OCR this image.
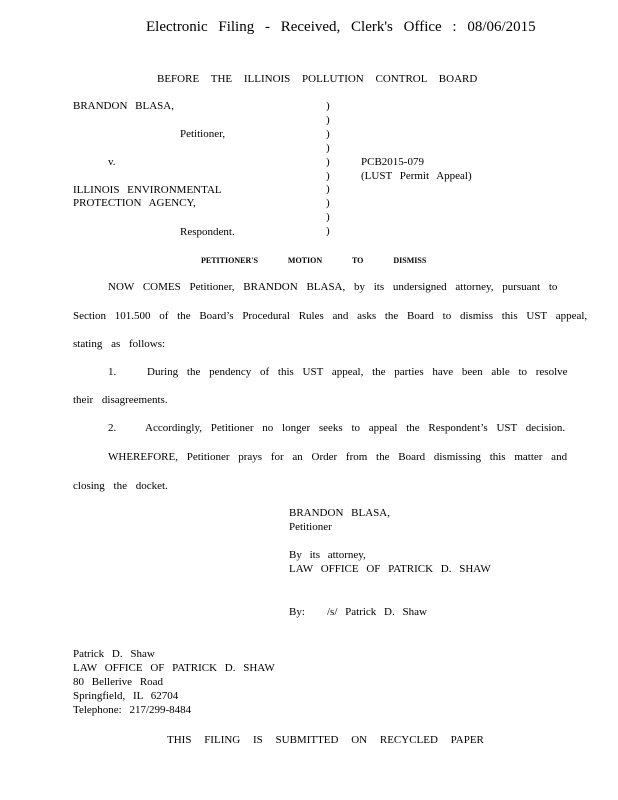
Electronic Filing - Received, Clerk's Office : 08/06/2015
BEFORE THE ILLINOIS POLLUTION CONTROL BOARD
BRANDON BLASA,
Petitioner,
v.
ILLINOIS ENVIRONMENTAL
PROTECTION AGENCY,
Respondent.
)
)
)
)
)
)
)
)
)
)
PCB2015-079
(LUST Permit Appeal)
PETITIONER'S MOTION TO DISMISS
NOW COMES Petitioner, BRANDON BLASA, by its undersigned attorney, pursuant to
Section 101.500 of the Board’s Procedural Rules and asks the Board to dismiss this UST appeal,
stating as follows:
1.	During the pendency of this UST appeal, the parties have been able to resolve
their disagreements.
2.	Accordingly, Petitioner no longer seeks to appeal the Respondent’s UST decision.
WHEREFORE, Petitioner prays for an Order from the Board dismissing this matter and
closing the docket.
BRANDON BLASA,
Petitioner
By its attorney,
LAW OFFICE OF PATRICK D. SHAW
By: /s/ Patrick D. Shaw
Patrick D. Shaw
LAW OFFICE OF PATRICK D. SHAW
80 Bellerive Road
Springfield, IL 62704
Telephone: 217/299-8484
THIS FILING IS SUBMITTED ON RECYCLED PAPER
